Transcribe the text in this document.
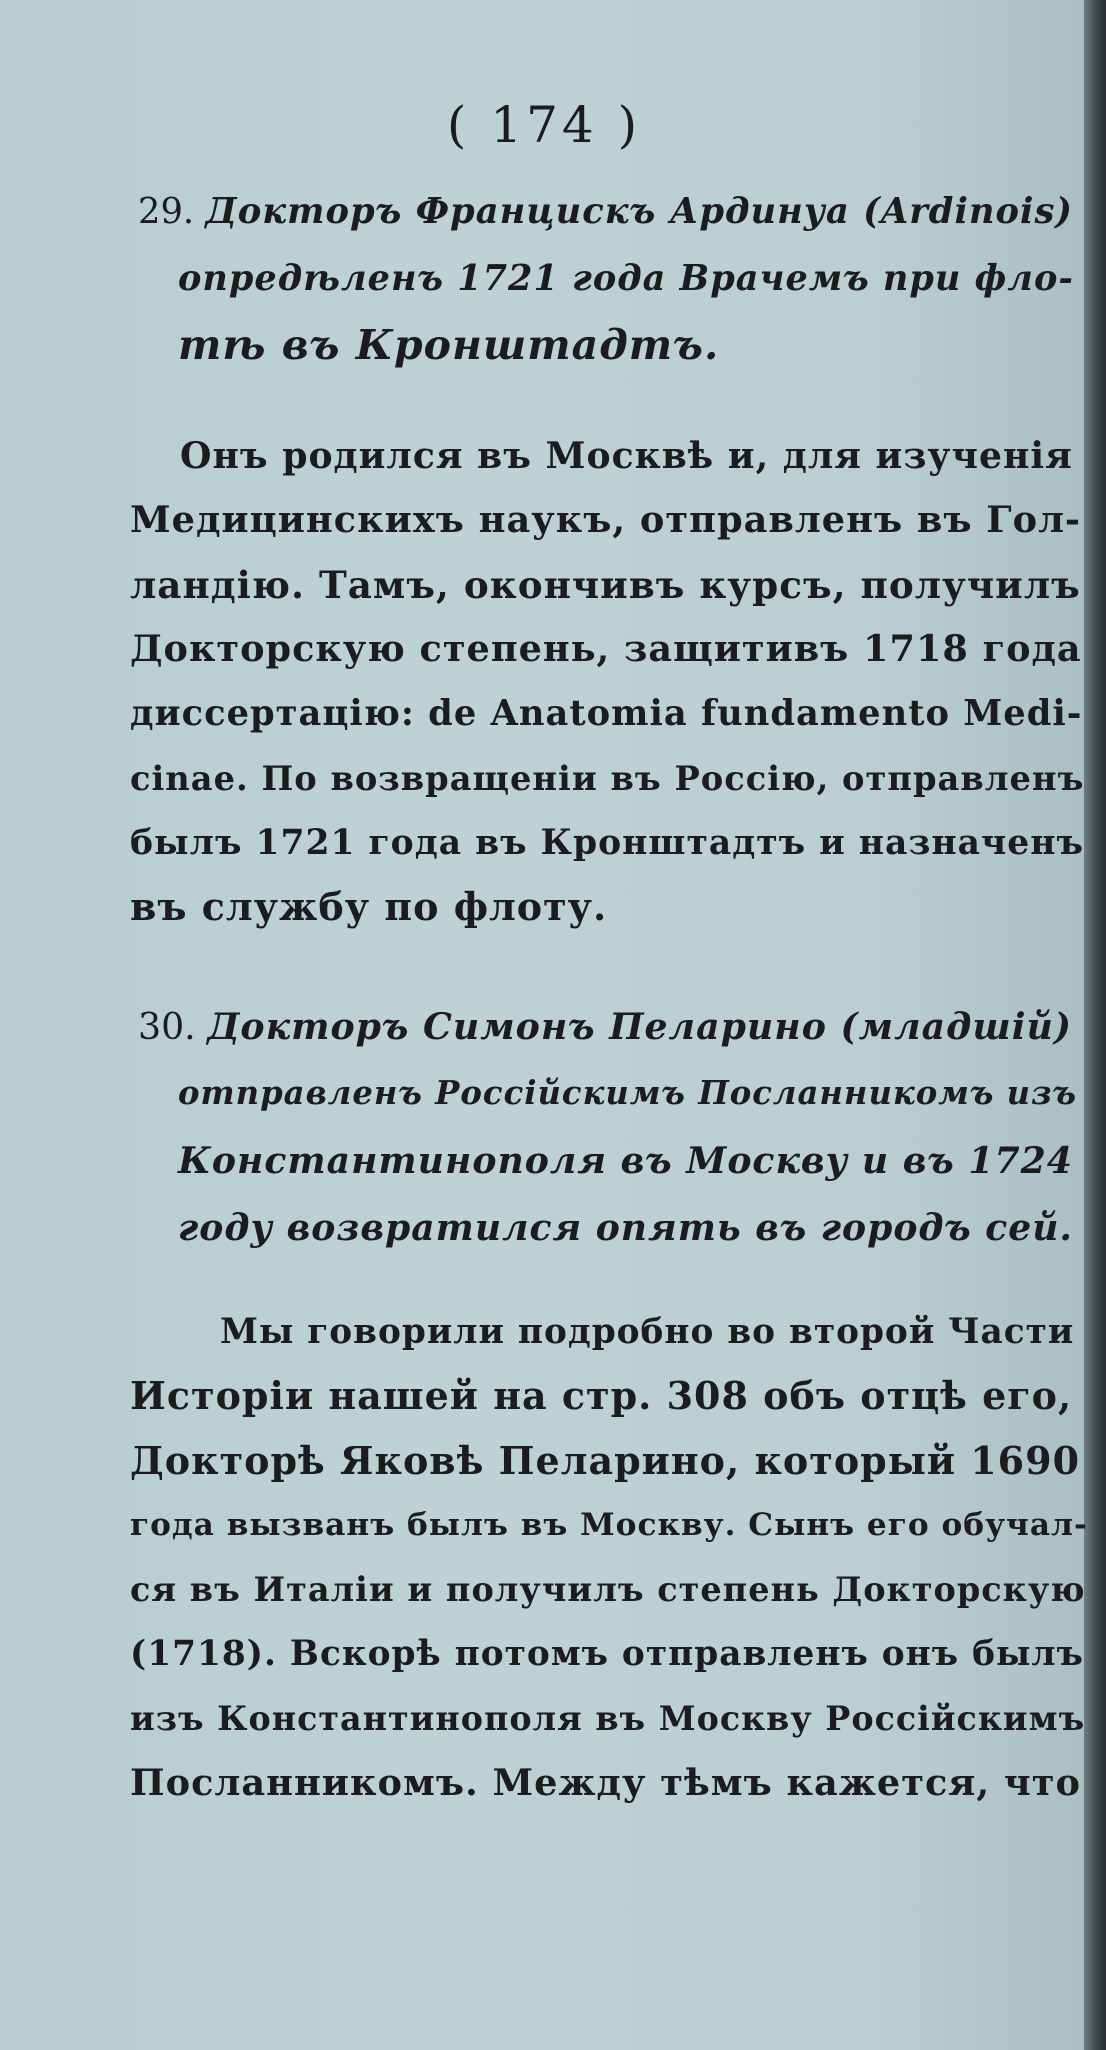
( 174 )
29. Докторъ Францискъ Ардинуа (Ardinois)
опредѣленъ 1721 года Врачемъ при фло-
тѣ въ Кронштадтъ.
Онъ родился въ Москвѣ и, для изученія
Медицинскихъ наукъ, отправленъ въ Гол-
ландію. Тамъ, окончивъ курсъ, получилъ
Докторскую степень, защитивъ 1718 года
диссертацію: de Anatomia fundamento Medi-
cinae. По возвращеніи въ Россію, отправленъ
былъ 1721 года въ Кронштадтъ и назначенъ
въ службу по флоту.
30. Докторъ Симонъ Пеларино (младшій)
отправленъ Россійскимъ Посланникомъ изъ
Константинополя въ Москву и въ 1724
году возвратился опять въ городъ сей.
Мы говорили подробно во второй Части
Исторіи нашей на стр. 308 объ отцѣ его,
Докторѣ Яковѣ Пеларино, который 1690
года вызванъ былъ въ Москву. Сынъ его обучал-
ся въ Италіи и получилъ степень Докторскую
(1718). Вскорѣ потомъ отправленъ онъ былъ
изъ Константинополя въ Москву Россійскимъ
Посланникомъ. Между тѣмъ кажется, что
